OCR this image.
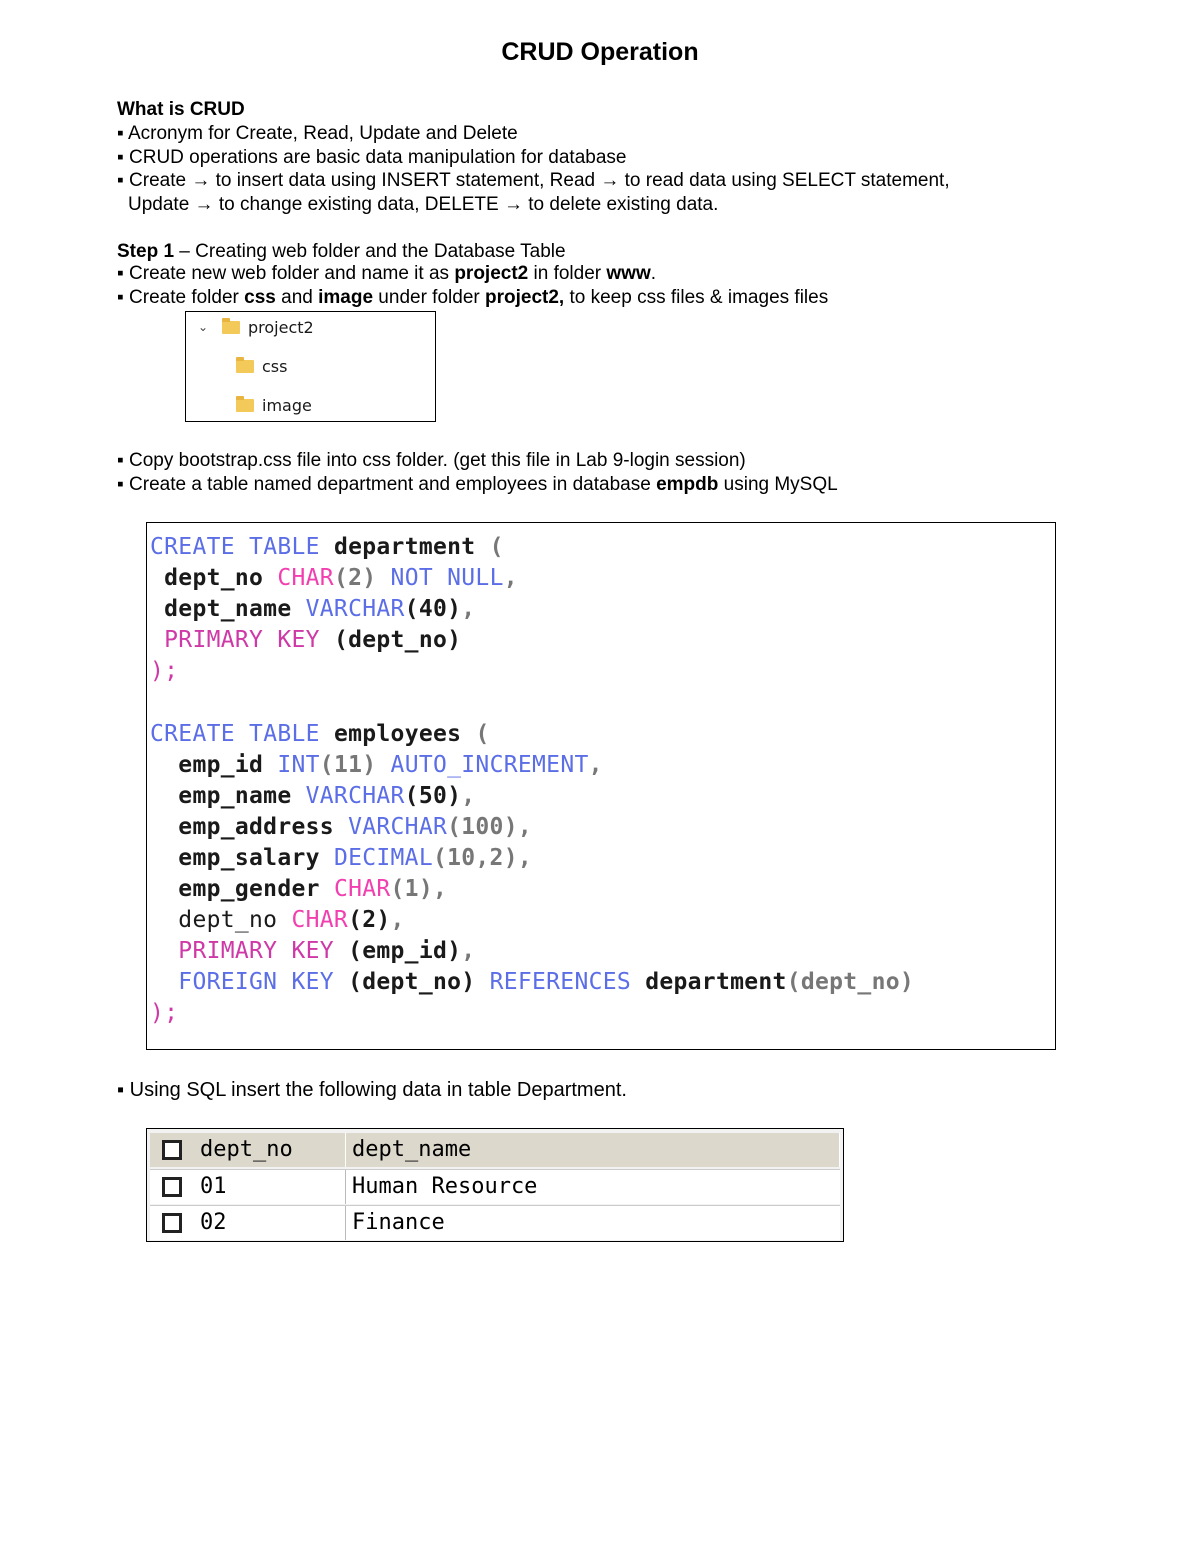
CRUD Operation
What is CRUD
▪ Acronym for Create, Read, Update and Delete
▪ CRUD operations are basic data manipulation for database
▪ Create → to insert data using INSERT statement, Read → to read data using SELECT statement,
Update → to change existing data, DELETE → to delete existing data.
Step 1 – Creating web folder and the Database Table
▪ Create new web folder and name it as project2 in folder www.
▪ Create folder css and image under folder project2, to keep css files & images files
⌄ project2
css
image
▪ Copy bootstrap.css file into css folder. (get this file in Lab 9-login session)
▪ Create a table named department and employees in database empdb using MySQL
CREATE TABLE department (
dept_no CHAR(2) NOT NULL,
dept_name VARCHAR(40),
PRIMARY KEY (dept_no)
);
CREATE TABLE employees (
emp_id INT(11) AUTO_INCREMENT,
emp_name VARCHAR(50),
emp_address VARCHAR(100),
emp_salary DECIMAL(10,2),
emp_gender CHAR(1),
dept_no CHAR(2),
PRIMARY KEY (emp_id),
FOREIGN KEY (dept_no) REFERENCES department(dept_no)
);
▪ Using SQL insert the following data in table Department.
dept_no	dept_name
01	Human Resource
02	Finance
